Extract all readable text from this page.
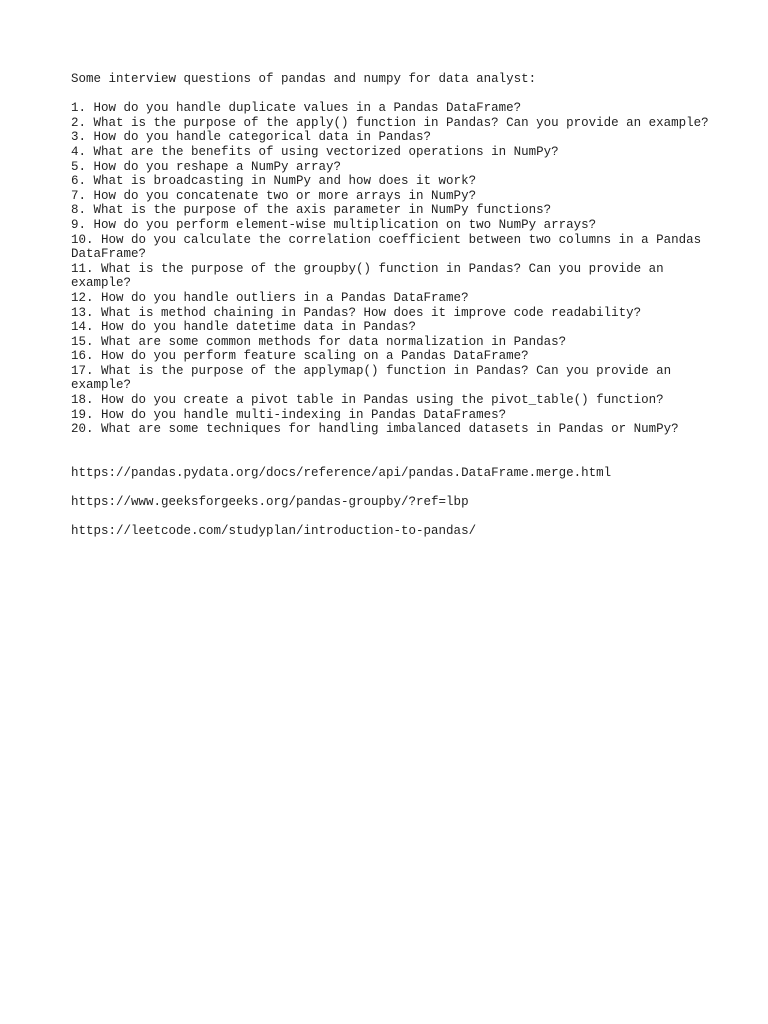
Some interview questions of pandas and numpy for data analyst:

1. How do you handle duplicate values in a Pandas DataFrame?
2. What is the purpose of the apply() function in Pandas? Can you provide an example?
3. How do you handle categorical data in Pandas?
4. What are the benefits of using vectorized operations in NumPy?
5. How do you reshape a NumPy array?
6. What is broadcasting in NumPy and how does it work?
7. How do you concatenate two or more arrays in NumPy?
8. What is the purpose of the axis parameter in NumPy functions?
9. How do you perform element-wise multiplication on two NumPy arrays?
10. How do you calculate the correlation coefficient between two columns in a Pandas DataFrame?
11. What is the purpose of the groupby() function in Pandas? Can you provide an example?
12. How do you handle outliers in a Pandas DataFrame?
13. What is method chaining in Pandas? How does it improve code readability?
14. How do you handle datetime data in Pandas?
15. What are some common methods for data normalization in Pandas?
16. How do you perform feature scaling on a Pandas DataFrame?
17. What is the purpose of the applymap() function in Pandas? Can you provide an example?
18. How do you create a pivot table in Pandas using the pivot_table() function?
19. How do you handle multi-indexing in Pandas DataFrames?
20. What are some techniques for handling imbalanced datasets in Pandas or NumPy?
https://pandas.pydata.org/docs/reference/api/pandas.DataFrame.merge.html
https://www.geeksforgeeks.org/pandas-groupby/?ref=lbp
https://leetcode.com/studyplan/introduction-to-pandas/
